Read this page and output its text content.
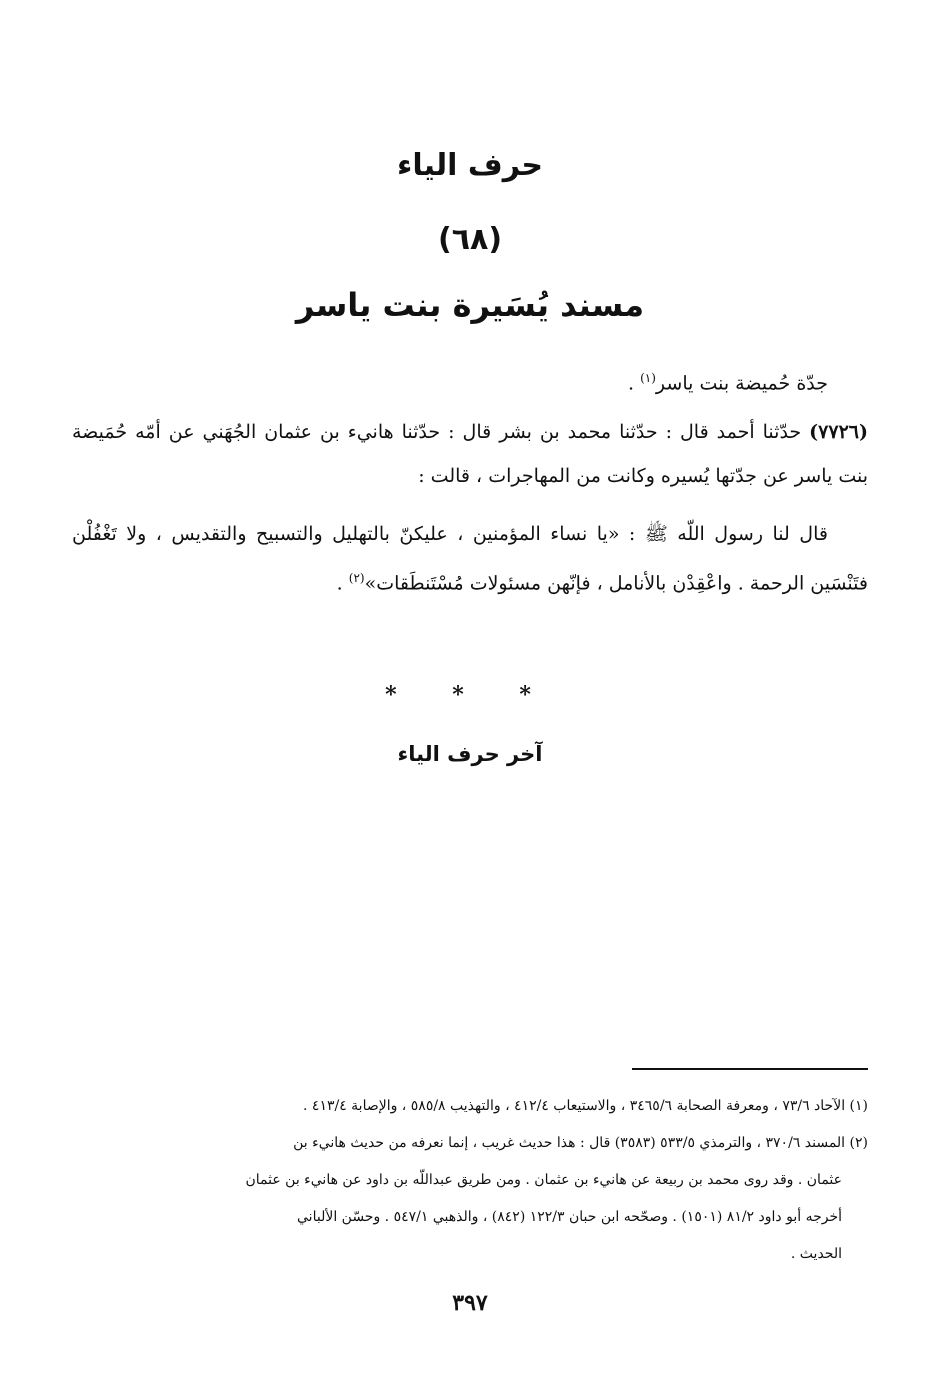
حرف الياء
(٦٨)
مسند يُسَيرة بنت ياسر
جدّة حُميضة بنت ياسر$^{(١)}$ .
(٧٧٢٦) حدّثنا أحمد قال : حدّثنا محمد بن بشر قال : حدّثنا هانيء بن عثمان الجُهَني عن أمّه حُمَيضة بنت ياسر عن جدّتها يُسيره وكانت من المهاجرات ، قالت :
قال لنا رسول اللّه ﷺ : «يا نساء المؤمنين ، عليكنّ بالتهليل والتسبيح والتقديس ، ولا تَغْفُلْن فتَنْسَين الرحمة . واعْقِدْن بالأنامل ، فإنّهن مسئولات مُسْتَنطَقات»$^{(٢)}$ .
* * *
آخر حرف الياء

(١) الآحاد ٧٣/٦ ، ومعرفة الصحابة ٣٤٦٥/٦ ، والاستيعاب ٤١٢/٤ ، والتهذيب ٥٨٥/٨ ، والإصابة ٤١٣/٤ .

(٢) المسند ٣٧٠/٦ ، والترمذي ٥٣٣/٥ (٣٥٨٣) قال : هذا حديث غريب ، إنما نعرفه من حديث هانيء بن

عثمان . وقد روى محمد بن ربيعة عن هانيء بن عثمان . ومن طريق عبداللّه بن داود عن هانيء بن عثمان

أخرجه أبو داود ٨١/٢ (١٥٠١) . وصحّحه ابن حبان ١٢٢/٣ (٨٤٢) ، والذهبي ٥٤٧/١ . وحسّن الألباني

الحديث .

٣٩٧
